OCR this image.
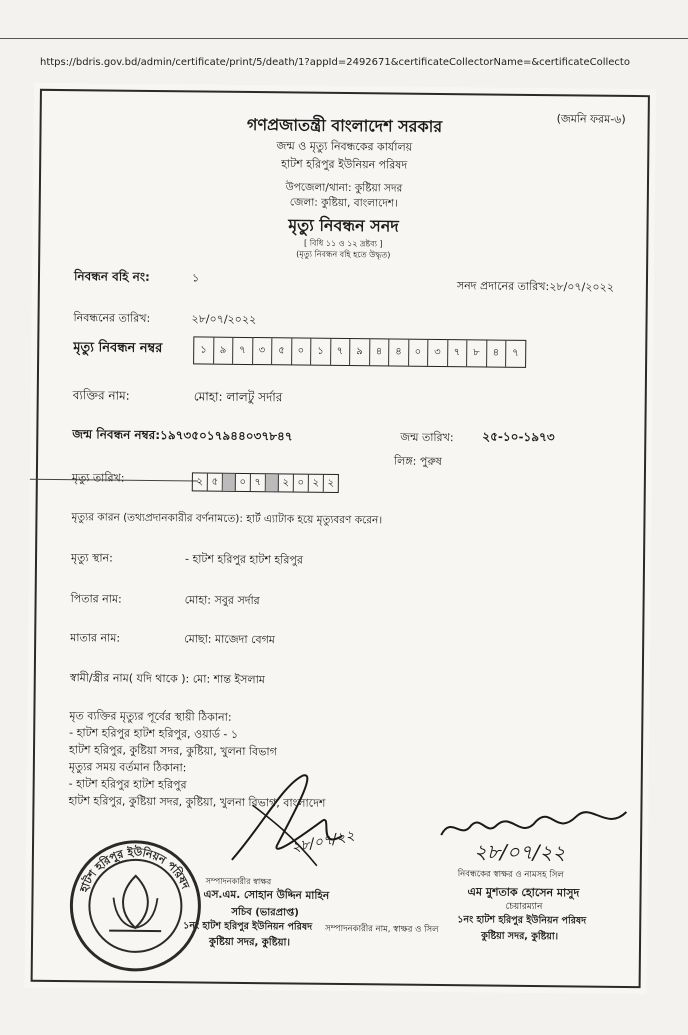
https://bdris.gov.bd/admin/certificate/print/5/death/1?appId=2492671&certificateCollectorName=&certificateCollecto
(জমনি ফরম-৬)
গণপ্রজাতন্ত্রী বাংলাদেশ সরকার
জন্ম ও মৃত্যু নিবন্ধকের কার্যালয়
হাটশ হরিপুর ইউনিয়ন পরিষদ
উপজেলা/থানা: কুষ্টিয়া সদর
জেলা: কুষ্টিয়া, বাংলাদেশ।
মৃত্যু নিবন্ধন সনদ
[ বিধি ১১ ও ১২ দ্রষ্টব্য ]
(মৃত্যু নিবন্ধন বহি হতে উদ্ধৃত)
নিবন্ধন বহি নং:	১
সনদ প্রদানের তারিখ:২৮/০৭/২০২২
নিবন্ধনের তারিখ:	২৮/০৭/২০২২
মৃত্যু নিবন্ধন নম্বর	১	৯	৭	৩	৫	০	১	৭	৯	৪	৪	০	৩	৭	৮	৪	৭
ব্যক্তির নাম:	মোহা: লালটু সর্দার
জন্ম নিবন্ধন নম্বর:১৯৭৩৫০১৭৯৪৪০৩৭৮৪৭	জন্ম তারিখ: ২৫-১০-১৯৭৩
লিঙ্গ: পুরুষ
মৃত্যু তারিখ:	২ ৫	০ ৭	২ ০ ২ ২
মৃত্যুর কারন (তথ্যপ্রদানকারীর বর্ণনামতে): হার্ট এ্যাটাক হয়ে মৃত্যুবরণ করেন।
মৃত্যু স্থান:	- হাটশ হরিপুর হাটশ হরিপুর
পিতার নাম:	মোহা: সবুর সর্দার
মাতার নাম:	মোছা: মাজেদা বেগম
স্বামী/স্ত্রীর নাম( যদি থাকে ): মো: শান্ত ইসলাম
মৃত ব্যক্তির মৃত্যুর পূর্বের স্থায়ী ঠিকানা:
- হাটশ হরিপুর হাটশ হরিপুর, ওয়ার্ড - ১
হাটশ হরিপুর, কুষ্টিয়া সদর, কুষ্টিয়া, খুলনা বিভাগ
মৃত্যুর সময় বর্তমান ঠিকানা:
- হাটশ হরিপুর হাটশ হরিপুর
হাটশ হরিপুর, কুষ্টিয়া সদর, কুষ্টিয়া, খুলনা বিভাগ, বাংলাদেশ
২৮/০৭/২২	২৮/০৭/২২
সম্পাদনকারীর স্বাক্ষর
এস.এম. সোহান উদ্দিন মাহিন
সচিব (ভারপ্রাপ্ত)
১নং হাটশ হরিপুর ইউনিয়ন পরিষদ
কুষ্টিয়া সদর, কুষ্টিয়া।
সম্পাদনকারীর নাম, স্বাক্ষর ও সিল
নিবন্ধকের স্বাক্ষর ও নামসহ সিল
এম মুশতাক হোসেন মাসুদ
চেয়ারম্যান
১নং হাটশ হরিপুর ইউনিয়ন পরিষদ
কুষ্টিয়া সদর, কুষ্টিয়া।
হাটশ হরিপুর ইউনিয়ন পরিষদ
